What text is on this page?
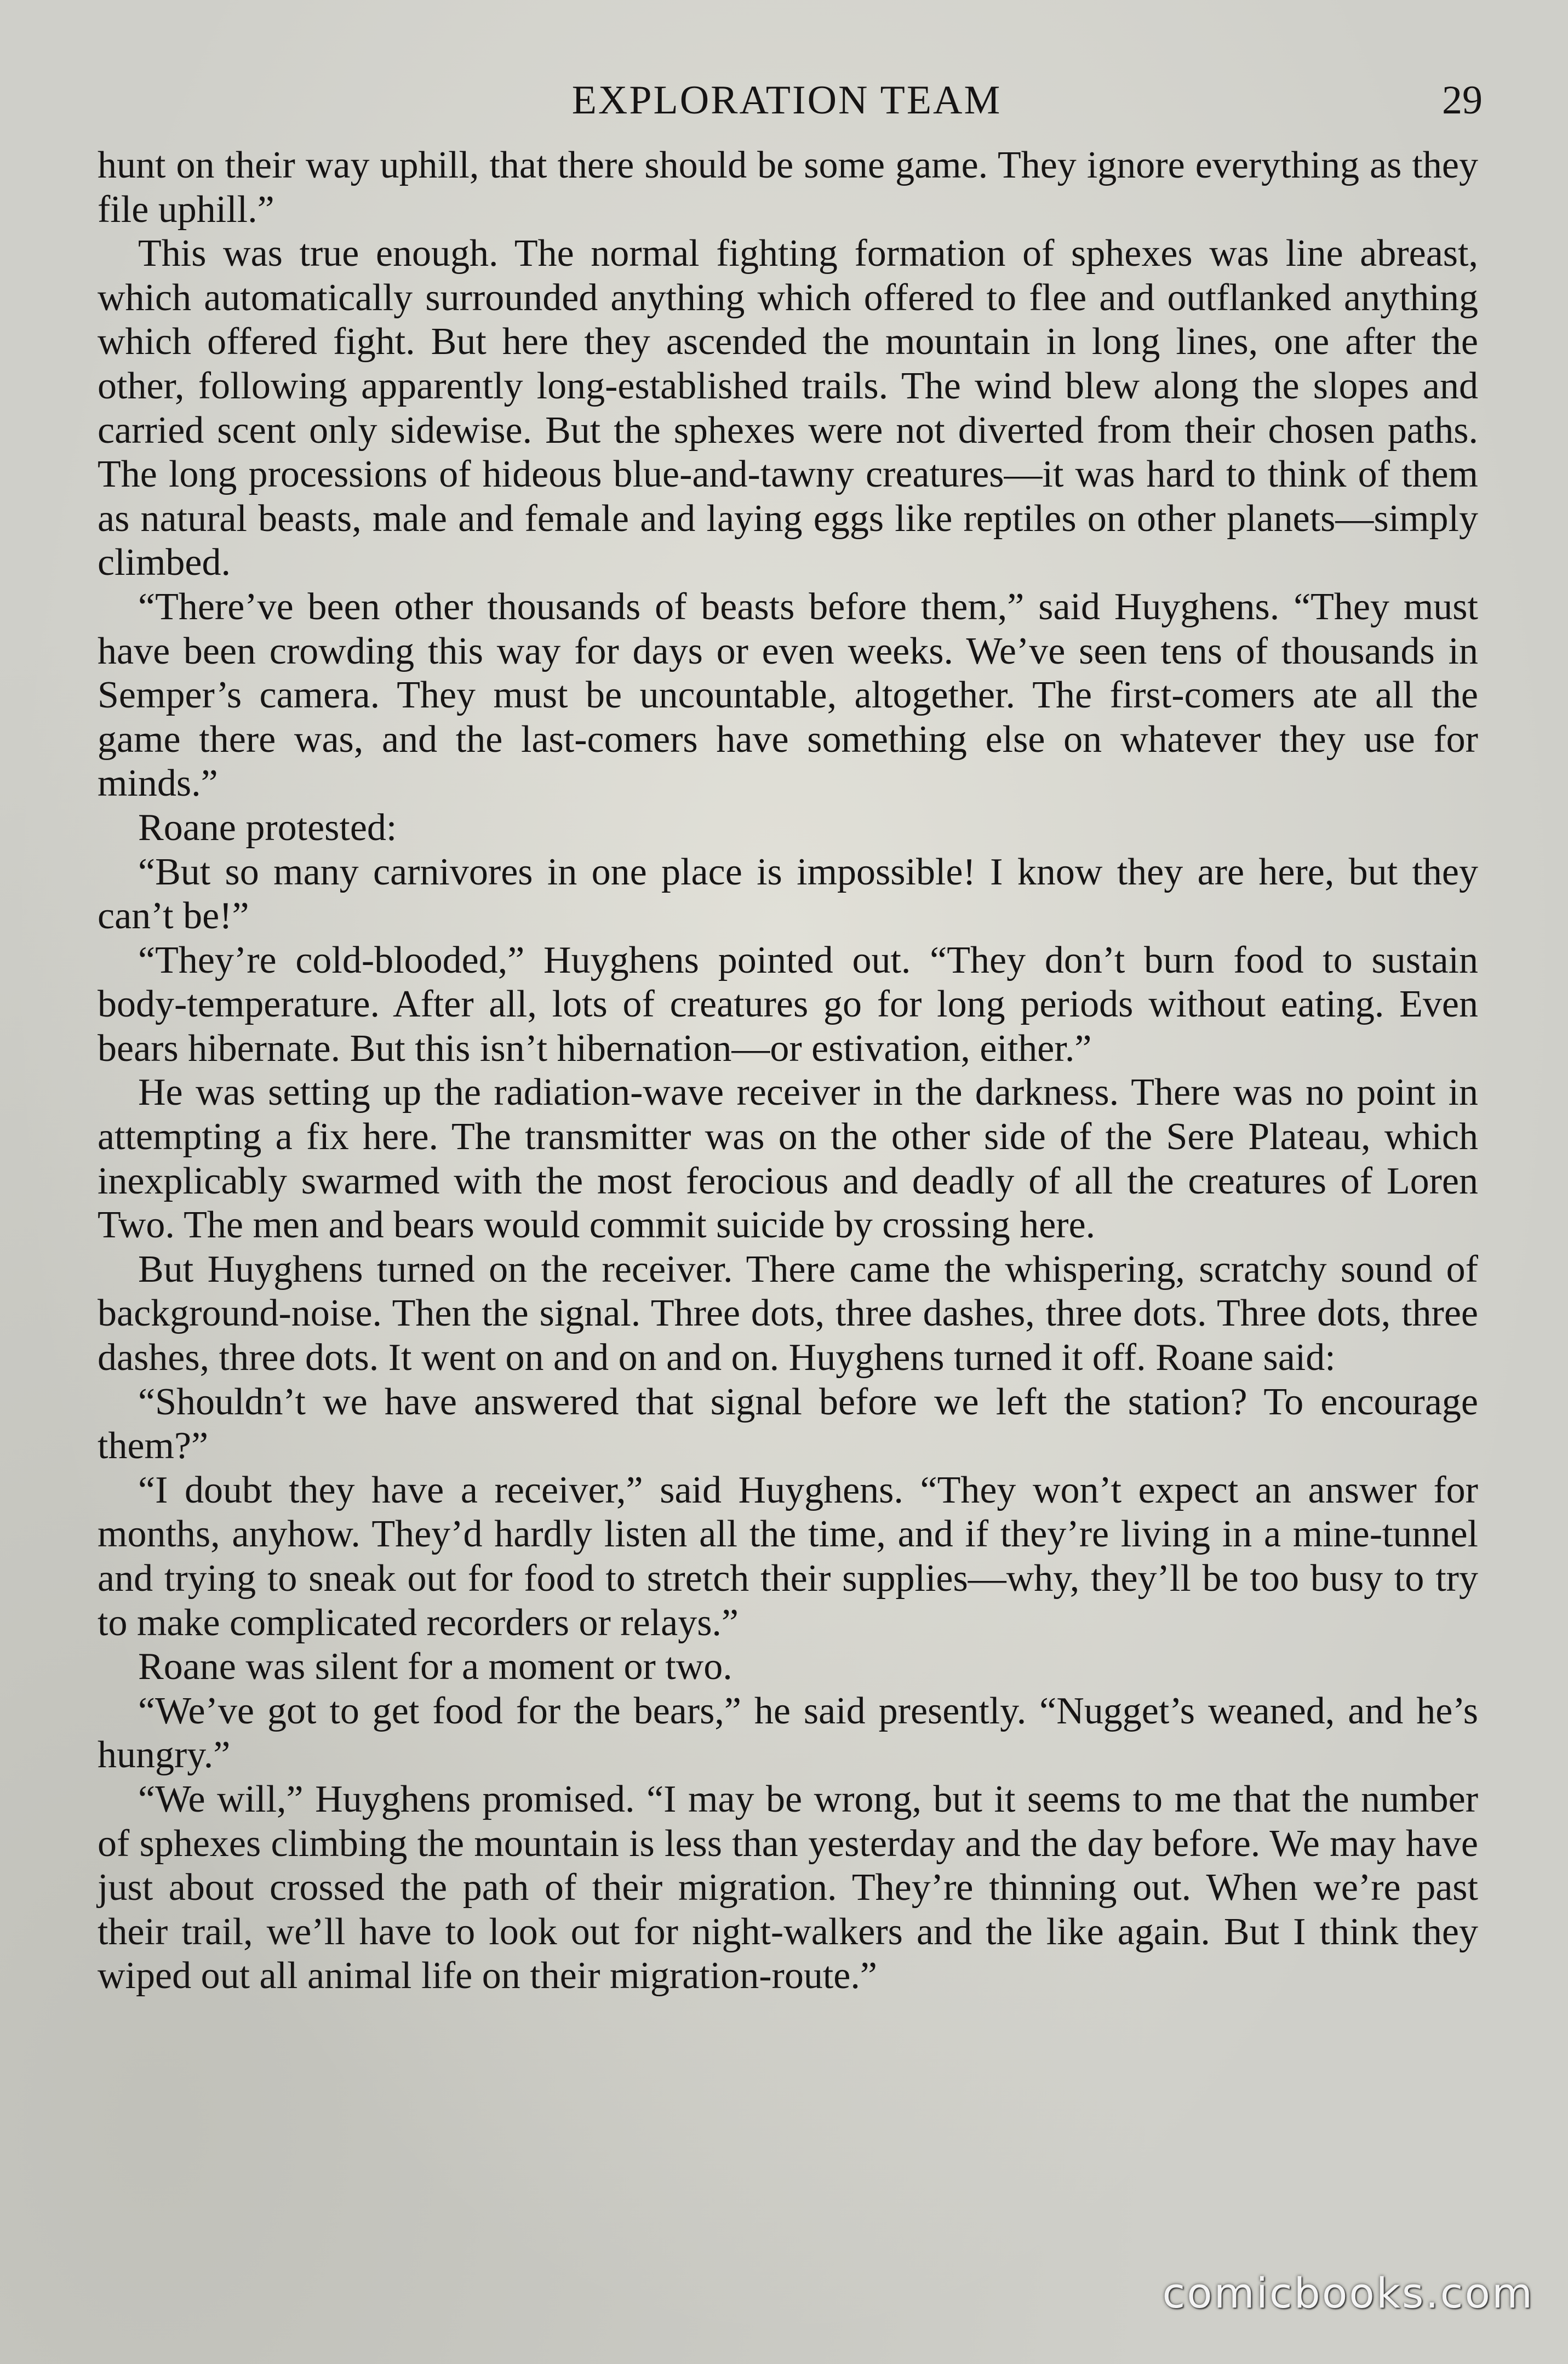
EXPLORATION TEAM	29

hunt on their way uphill, that there should be some game. They ignore everything as they file uphill.”

This was true enough. The normal fighting formation of sphexes was line abreast, which automatically surrounded anything which offered to flee and outflanked anything which offered fight. But here they ascended the mountain in long lines, one after the other, following apparently long-established trails. The wind blew along the slopes and carried scent only sidewise. But the sphexes were not diverted from their chosen paths. The long processions of hideous blue-and-tawny creatures—it was hard to think of them as natural beasts, male and female and laying eggs like reptiles on other planets—simply climbed.

“There’ve been other thousands of beasts before them,” said Huyghens. “They must have been crowding this way for days or even weeks. We’ve seen tens of thousands in Semper’s camera. They must be uncountable, altogether. The first-comers ate all the game there was, and the last-comers have something else on whatever they use for minds.”

Roane protested:

“But so many carnivores in one place is impossible! I know they are here, but they can’t be!”

“They’re cold-blooded,” Huyghens pointed out. “They don’t burn food to sustain body-temperature. After all, lots of creatures go for long periods without eating. Even bears hibernate. But this isn’t hibernation—or estivation, either.”

He was setting up the radiation-wave receiver in the darkness. There was no point in attempting a fix here. The transmitter was on the other side of the Sere Plateau, which inexplicably swarmed with the most ferocious and deadly of all the creatures of Loren Two. The men and bears would commit suicide by crossing here.

But Huyghens turned on the receiver. There came the whispering, scratchy sound of background-noise. Then the signal. Three dots, three dashes, three dots. Three dots, three dashes, three dots. It went on and on and on. Huyghens turned it off. Roane said:

“Shouldn’t we have answered that signal before we left the station? To encourage them?”

“I doubt they have a receiver,” said Huyghens. “They won’t expect an answer for months, anyhow. They’d hardly listen all the time, and if they’re living in a mine-tunnel and trying to sneak out for food to stretch their supplies—why, they’ll be too busy to try to make complicated recorders or relays.”

Roane was silent for a moment or two.

“We’ve got to get food for the bears,” he said presently. “Nugget’s weaned, and he’s hungry.”

“We will,” Huyghens promised. “I may be wrong, but it seems to me that the number of sphexes climbing the mountain is less than yesterday and the day before. We may have just about crossed the path of their migration. They’re thinning out. When we’re past their trail, we’ll have to look out for night-walkers and the like again. But I think they wiped out all animal life on their migration-route.”

comicbooks.com
